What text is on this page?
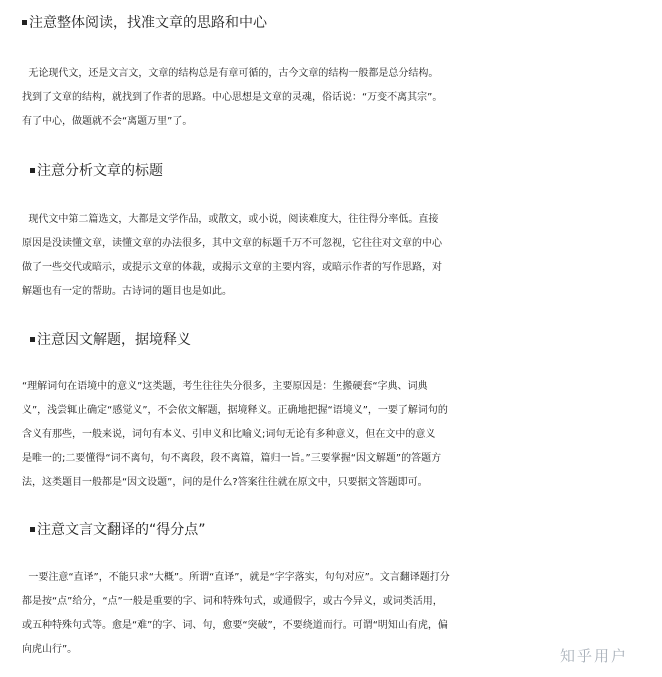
注意整体阅读，找准文章的思路和中心
无论现代文，还是文言文，文章的结构总是有章可循的，古今文章的结构一般都是总分结构。
找到了文章的结构，就找到了作者的思路。中心思想是文章的灵魂，俗话说：“万变不离其宗”。
有了中心，做题就不会“离题万里”了。
注意分析文章的标题
现代文中第二篇选文，大都是文学作品，或散文，或小说，阅读难度大，往往得分率低。直接
原因是没读懂文章，读懂文章的办法很多，其中文章的标题千万不可忽视，它往往对文章的中心
做了一些交代或暗示，或提示文章的体裁，或揭示文章的主要内容，或暗示作者的写作思路，对
解题也有一定的帮助。古诗词的题目也是如此。
注意因文解题，据境释义
“理解词句在语境中的意义”这类题，考生往往失分很多，主要原因是：生搬硬套“字典、词典
义”，浅尝辄止确定“感觉义”，不会依文解题，据境释义。正确地把握“语境义”，一要了解词句的
含义有那些，一般来说，词句有本义、引申义和比喻义;词句无论有多种意义，但在文中的意义
是唯一的;二要懂得“词不离句，句不离段，段不离篇，篇归一旨。”三要掌握“因文解题”的答题方
法，这类题目一般都是“因文设题”，问的是什么?答案往往就在原文中，只要据文答题即可。
注意文言文翻译的“得分点”
一要注意“直译”，不能只求“大概”。所谓“直译”，就是“字字落实，句句对应”。文言翻译题打分
都是按“点”给分，“点”一般是重要的字、词和特殊句式，或通假字，或古今异义，或词类活用，
或五种特殊句式等。愈是“难”的字、词、句，愈要“突破”，不要绕道而行。可谓“明知山有虎，偏
向虎山行”。	知乎用户
